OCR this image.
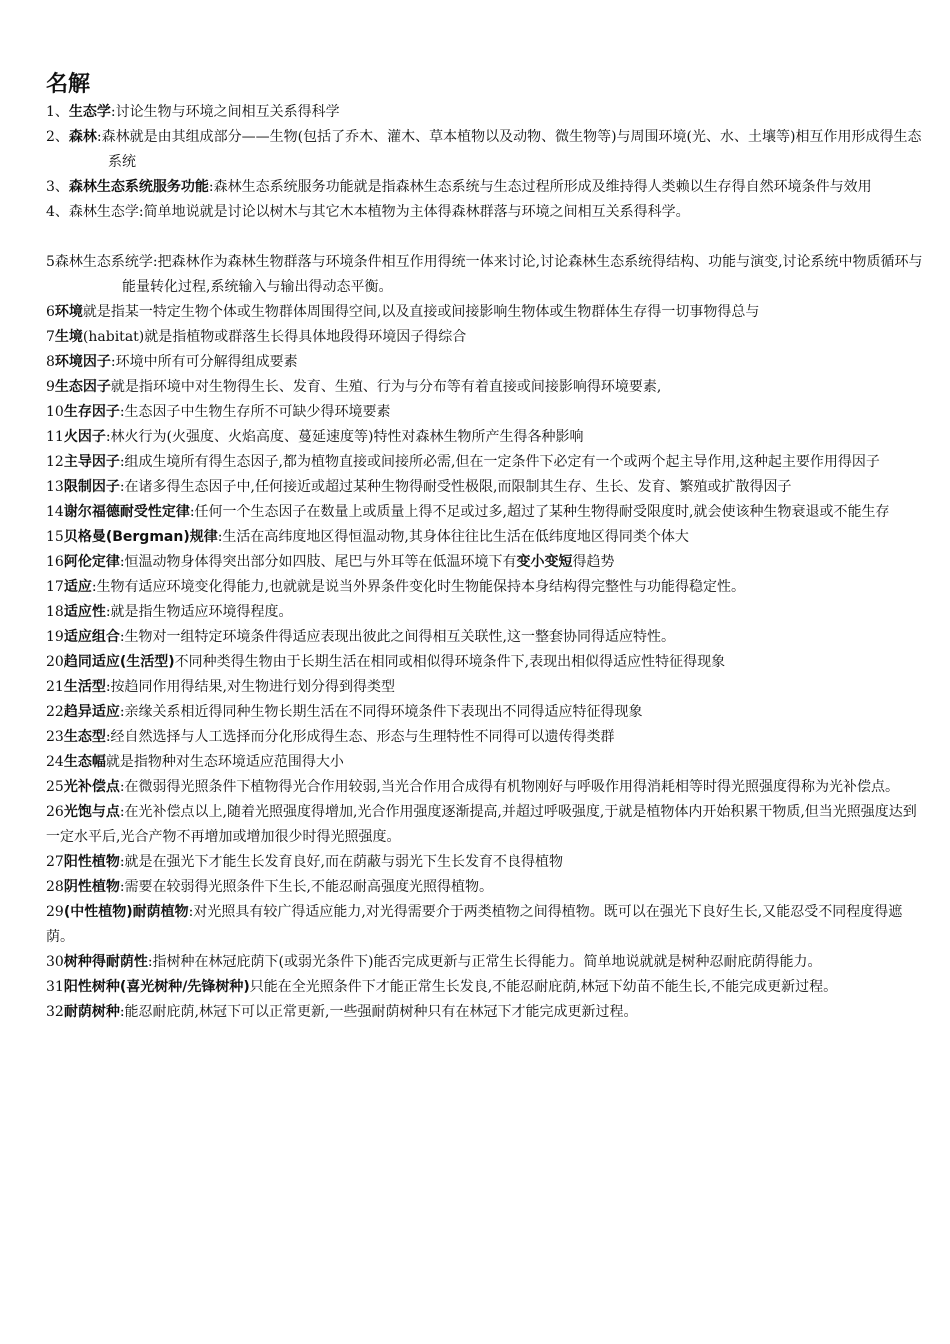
名解
1、生态学:讨论生物与环境之间相互关系得科学
2、森林:森林就是由其组成部分——生物(包括了乔木、灌木、草本植物以及动物、微生物等)与周围环境(光、水、土壤等)相互作用形成得生态系统
3、森林生态系统服务功能:森林生态系统服务功能就是指森林生态系统与生态过程所形成及维持得人类赖以生存得自然环境条件与效用
4、森林生态学:简单地说就是讨论以树木与其它木本植物为主体得森林群落与环境之间相互关系得科学。
5森林生态系统学:把森林作为森林生物群落与环境条件相互作用得统一体来讨论,讨论森林生态系统得结构、功能与演变,讨论系统中物质循环与能量转化过程,系统输入与输出得动态平衡。
6环境就是指某一特定生物个体或生物群体周围得空间,以及直接或间接影响生物体或生物群体生存得一切事物得总与
7生境(habitat)就是指植物或群落生长得具体地段得环境因子得综合
8环境因子:环境中所有可分解得组成要素
9生态因子就是指环境中对生物得生长、发育、生殖、行为与分布等有着直接或间接影响得环境要素,
10生存因子:生态因子中生物生存所不可缺少得环境要素
11火因子:林火行为(火强度、火焰高度、蔓延速度等)特性对森林生物所产生得各种影响
12主导因子:组成生境所有得生态因子,都为植物直接或间接所必需,但在一定条件下必定有一个或两个起主导作用,这种起主要作用得因子
13限制因子:在诸多得生态因子中,任何接近或超过某种生物得耐受性极限,而限制其生存、生长、发育、繁殖或扩散得因子
14谢尔福德耐受性定律:任何一个生态因子在数量上或质量上得不足或过多,超过了某种生物得耐受限度时,就会使该种生物衰退或不能生存
15贝格曼(Bergman)规律:生活在高纬度地区得恒温动物,其身体往往比生活在低纬度地区得同类个体大
16阿伦定律:恒温动物身体得突出部分如四肢、尾巴与外耳等在低温环境下有变小变短得趋势
17适应:生物有适应环境变化得能力,也就就是说当外界条件变化时生物能保持本身结构得完整性与功能得稳定性。
18适应性:就是指生物适应环境得程度。
19适应组合:生物对一组特定环境条件得适应表现出彼此之间得相互关联性,这一整套协同得适应特性。
20趋同适应(生活型)不同种类得生物由于长期生活在相同或相似得环境条件下,表现出相似得适应性特征得现象
21生活型:按趋同作用得结果,对生物进行划分得到得类型
22趋异适应:亲缘关系相近得同种生物长期生活在不同得环境条件下表现出不同得适应特征得现象
23生态型:经自然选择与人工选择而分化形成得生态、形态与生理特性不同得可以遗传得类群
24生态幅就是指物种对生态环境适应范围得大小
25光补偿点:在微弱得光照条件下植物得光合作用较弱,当光合作用合成得有机物刚好与呼吸作用得消耗相等时得光照强度得称为光补偿点。
26光饱与点:在光补偿点以上,随着光照强度得增加,光合作用强度逐渐提高,并超过呼吸强度,于就是植物体内开始积累干物质,但当光照强度达到一定水平后,光合产物不再增加或增加很少时得光照强度。
27阳性植物:就是在强光下才能生长发育良好,而在荫蔽与弱光下生长发育不良得植物
28阴性植物:需要在较弱得光照条件下生长,不能忍耐高强度光照得植物。
29(中性植物)耐荫植物:对光照具有较广得适应能力,对光得需要介于两类植物之间得植物。既可以在强光下良好生长,又能忍受不同程度得遮荫。
30树种得耐荫性:指树种在林冠庇荫下(或弱光条件下)能否完成更新与正常生长得能力。简单地说就就是树种忍耐庇荫得能力。
31阳性树种(喜光树种/先锋树种)只能在全光照条件下才能正常生长发良,不能忍耐庇荫,林冠下幼苗不能生长,不能完成更新过程。
32耐荫树种:能忍耐庇荫,林冠下可以正常更新,一些强耐荫树种只有在林冠下才能完成更新过程。
